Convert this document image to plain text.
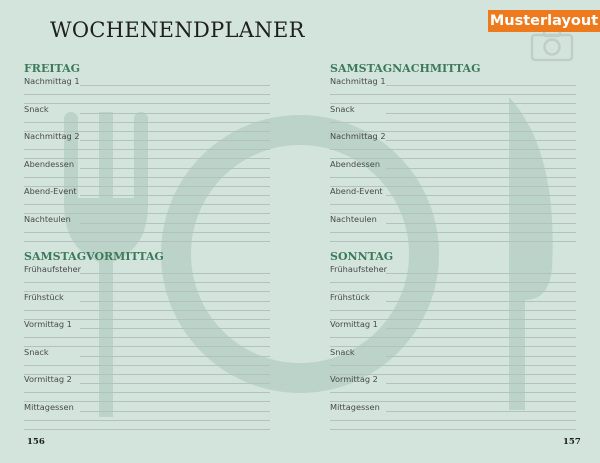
WOCHENENDPLANER	Musterlayout
FREITAG
Nachmittag 1
Snack
Nachmittag 2
Abendessen
Abend-Event
Nachteulen
SAMSTAGVORMITTAG
Frühaufsteher
Frühstück
Vormittag 1
Snack
Vormittag 2
Mittagessen
SAMSTAGNACHMITTAG
Nachmittag 1
Snack
Nachmittag 2
Abendessen
Abend-Event
Nachteulen
SONNTAG
Frühaufsteher
Frühstück
Vormittag 1
Snack
Vormittag 2
Mittagessen
156	157
